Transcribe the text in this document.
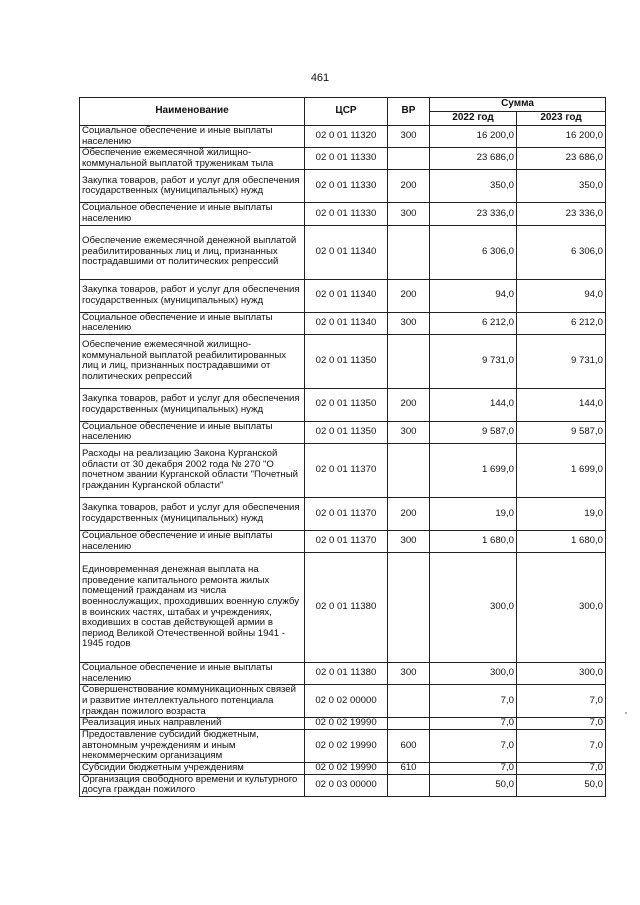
461
Наименование	ЦСР	ВР	Сумма	
			2022 год	2023 год
Социальное обеспечение и иные выплаты населению	02 0 01 11320	300	16 200,0	16 200,0
Обеспечение ежемесячной жилищно-коммунальной выплатой труженикам тыла	02 0 01 11330		23 686,0	23 686,0
Закупка товаров, работ и услуг для обеспечения государственных (муниципальных) нужд	02 0 01 11330	200	350,0	350,0
Социальное обеспечение и иные выплаты населению	02 0 01 11330	300	23 336,0	23 336,0
Обеспечение ежемесячной денежной выплатой реабилитированных лиц и лиц, признанных пострадавшими от политических репрессий	02 0 01 11340		6 306,0	6 306,0
Закупка товаров, работ и услуг для обеспечения государственных (муниципальных) нужд	02 0 01 11340	200	94,0	94,0
Социальное обеспечение и иные выплаты населению	02 0 01 11340	300	6 212,0	6 212,0
Обеспечение ежемесячной жилищно-коммунальной выплатой реабилитированных лиц и лиц, признанных пострадавшими от политических репрессий	02 0 01 11350		9 731,0	9 731,0
Закупка товаров, работ и услуг для обеспечения государственных (муниципальных) нужд	02 0 01 11350	200	144,0	144,0
Социальное обеспечение и иные выплаты населению	02 0 01 11350	300	9 587,0	9 587,0
Расходы на реализацию Закона Курганской области от 30 декабря 2002 года № 270 "О почетном звании Курганской области "Почетный гражданин Курганской области"	02 0 01 11370		1 699,0	1 699,0
Закупка товаров, работ и услуг для обеспечения государственных (муниципальных) нужд	02 0 01 11370	200	19,0	19,0
Социальное обеспечение и иные выплаты населению	02 0 01 11370	300	1 680,0	1 680,0
Единовременная денежная выплата на проведение капитального ремонта жилых помещений гражданам из числа военнослужащих, проходивших военную службу в воинских частях, штабах и учреждениях, входивших в состав действующей армии в период Великой Отечественной войны 1941 - 1945 годов	02 0 01 11380		300,0	300,0
Социальное обеспечение и иные выплаты населению	02 0 01 11380	300	300,0	300,0
Совершенствование коммуникационных связей и развитие интеллектуального потенциала граждан пожилого возраста	02 0 02 00000		7,0	7,0
Реализация иных направлений	02 0 02 19990		7,0	7,0
Предоставление субсидий бюджетным, автономным учреждениям и иным некоммерческим организациям	02 0 02 19990	600	7,0	7,0
Субсидии бюджетным учреждениям	02 0 02 19990	610	7,0	7,0
Организация свободного времени и культурного досуга граждан пожилого	02 0 03 00000		50,0	50,0
